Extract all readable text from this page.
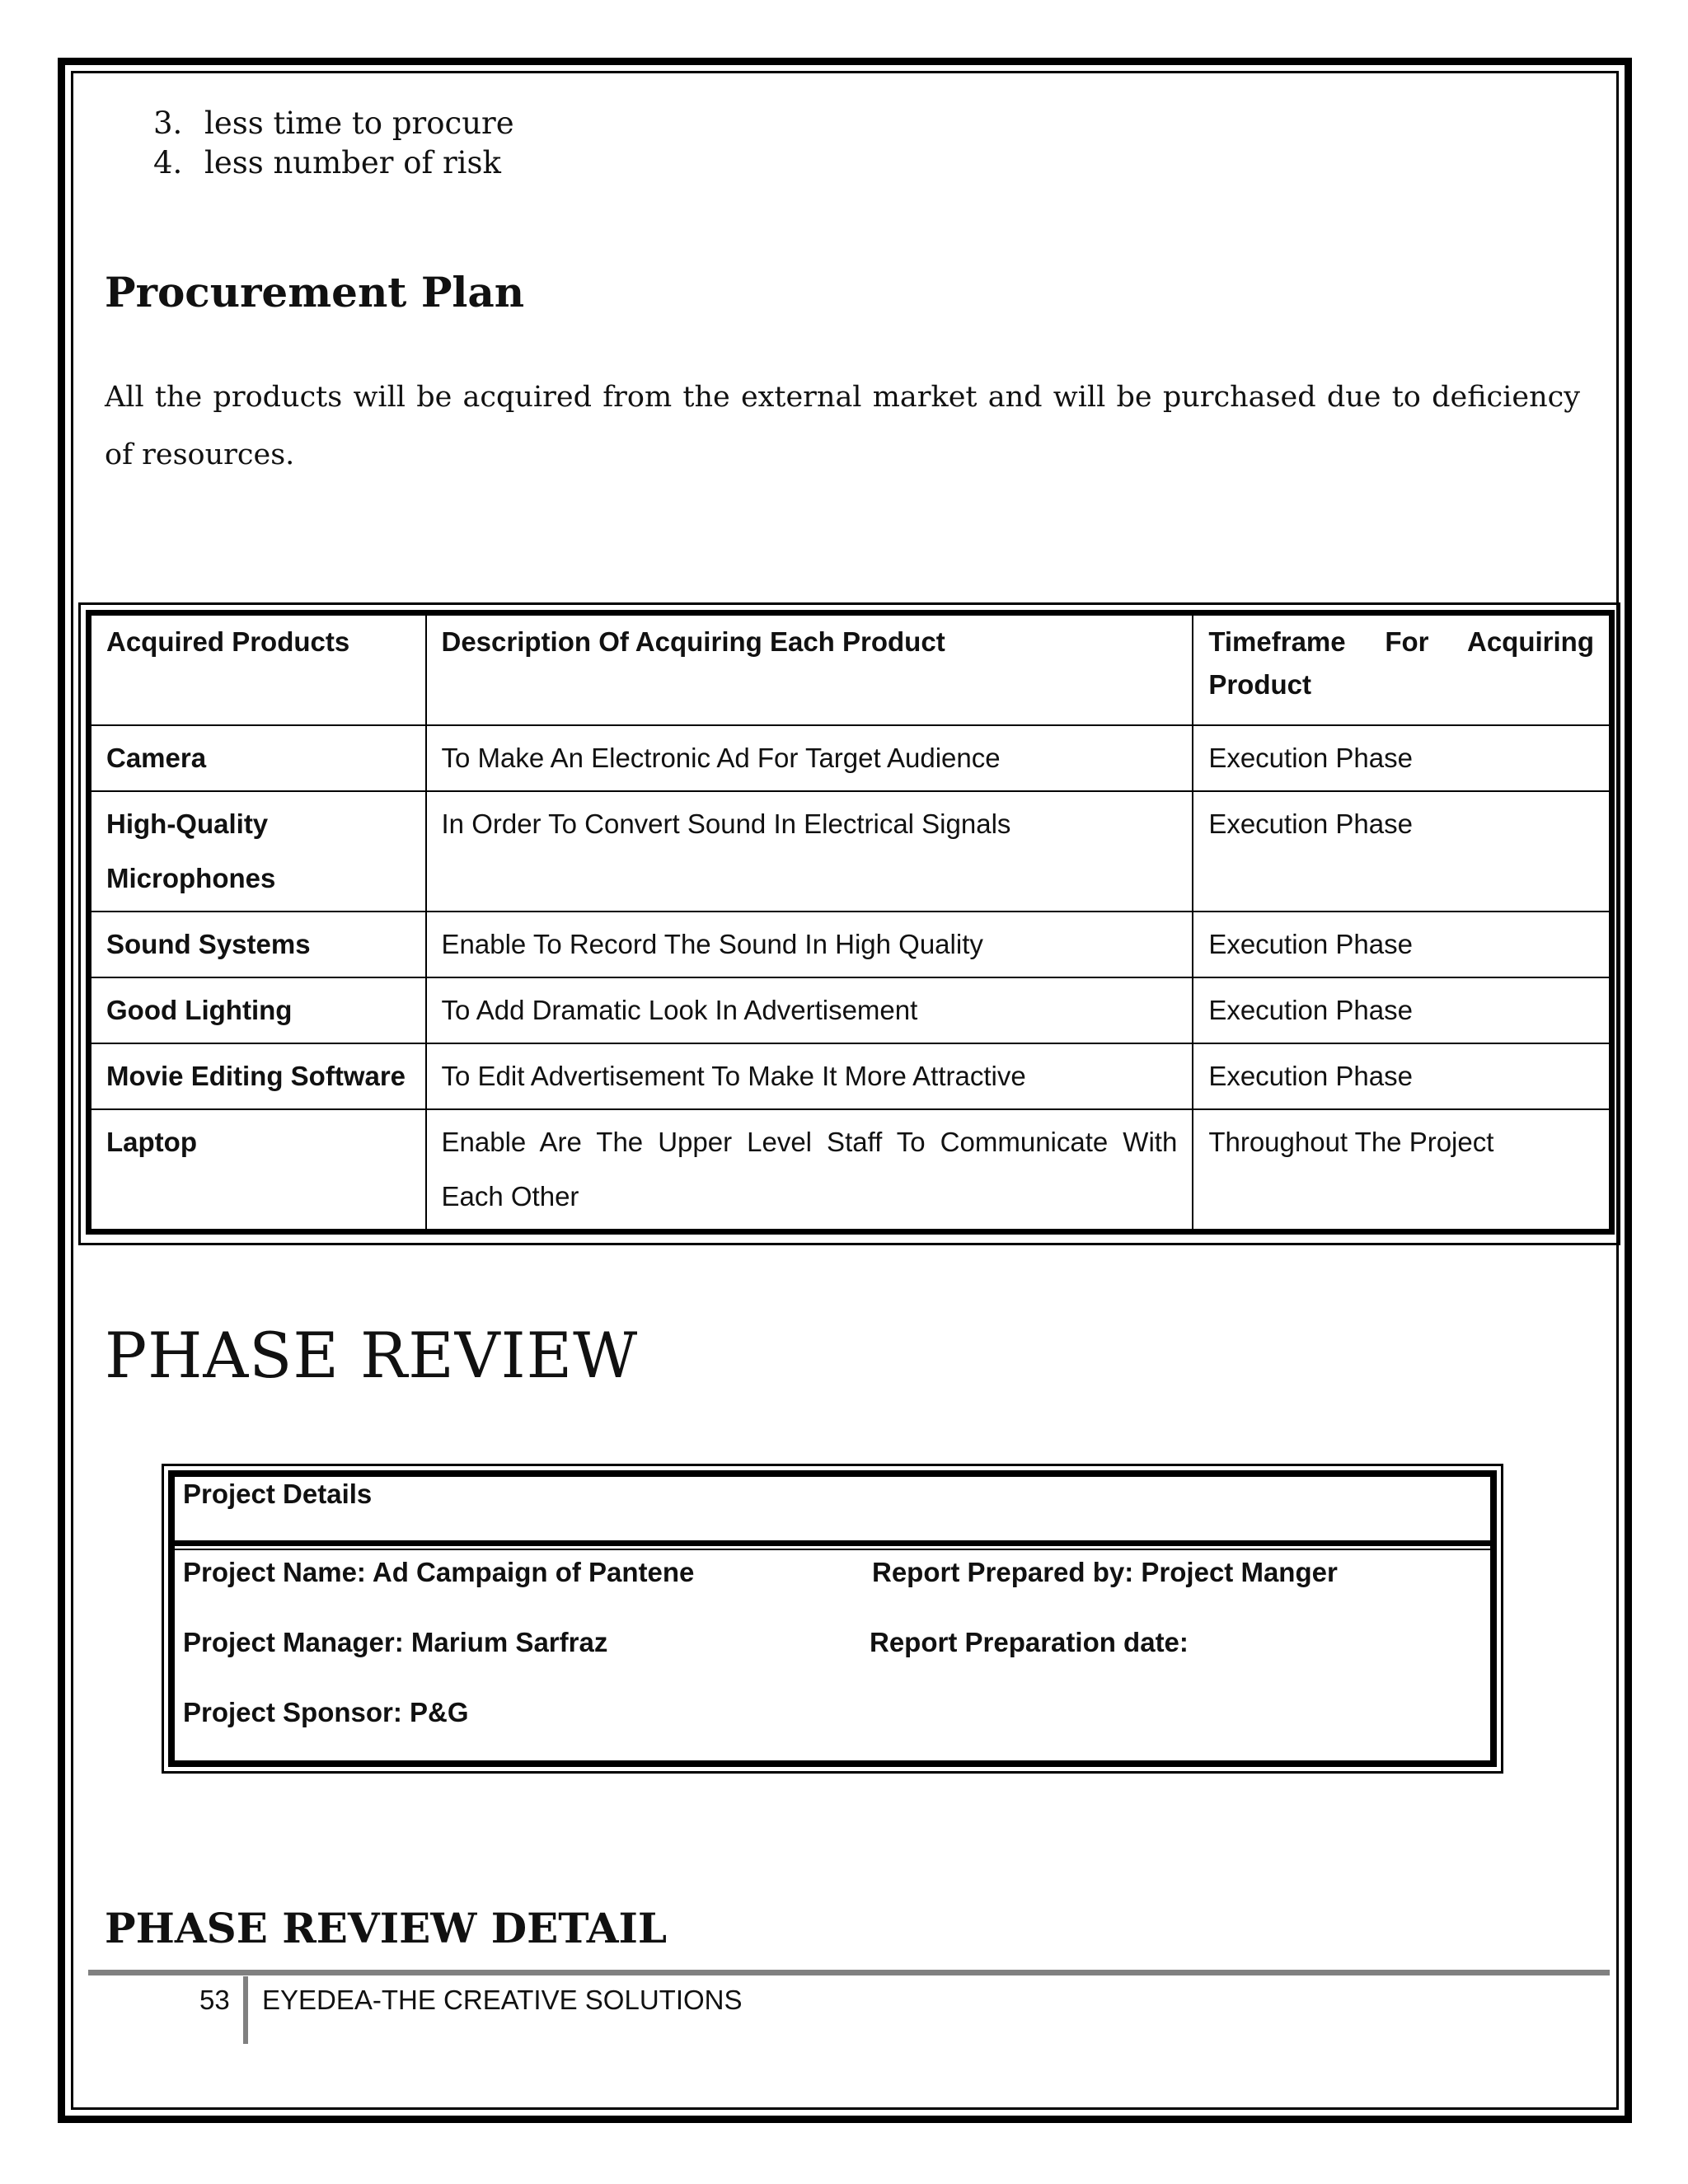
3. less time to procure
4. less number of risk
Procurement Plan

All the products will be acquired from the external market and will be purchased due to deficiency of resources.

Acquired Products	Description Of Acquiring Each Product	Timeframe For Acquiring Product
Camera	To Make An Electronic Ad For Target Audience	Execution Phase
High-Quality Microphones	In Order To Convert Sound In Electrical Signals	Execution Phase
Sound Systems	Enable To Record The Sound In High Quality	Execution Phase
Good Lighting	To Add Dramatic Look In Advertisement	Execution Phase
Movie Editing Software	To Edit Advertisement To Make It More Attractive	Execution Phase
Laptop	Enable Are The Upper Level Staff To Communicate With Each Other	Throughout The Project
PHASE REVIEW
Project Details
Project Name: Ad Campaign of Pantene	Report Prepared by: Project Manger
Project Manager: Marium Sarfraz	Report Preparation date:
Project Sponsor: P&G
PHASE REVIEW DETAIL
53 EYEDEA-THE CREATIVE SOLUTIONS
